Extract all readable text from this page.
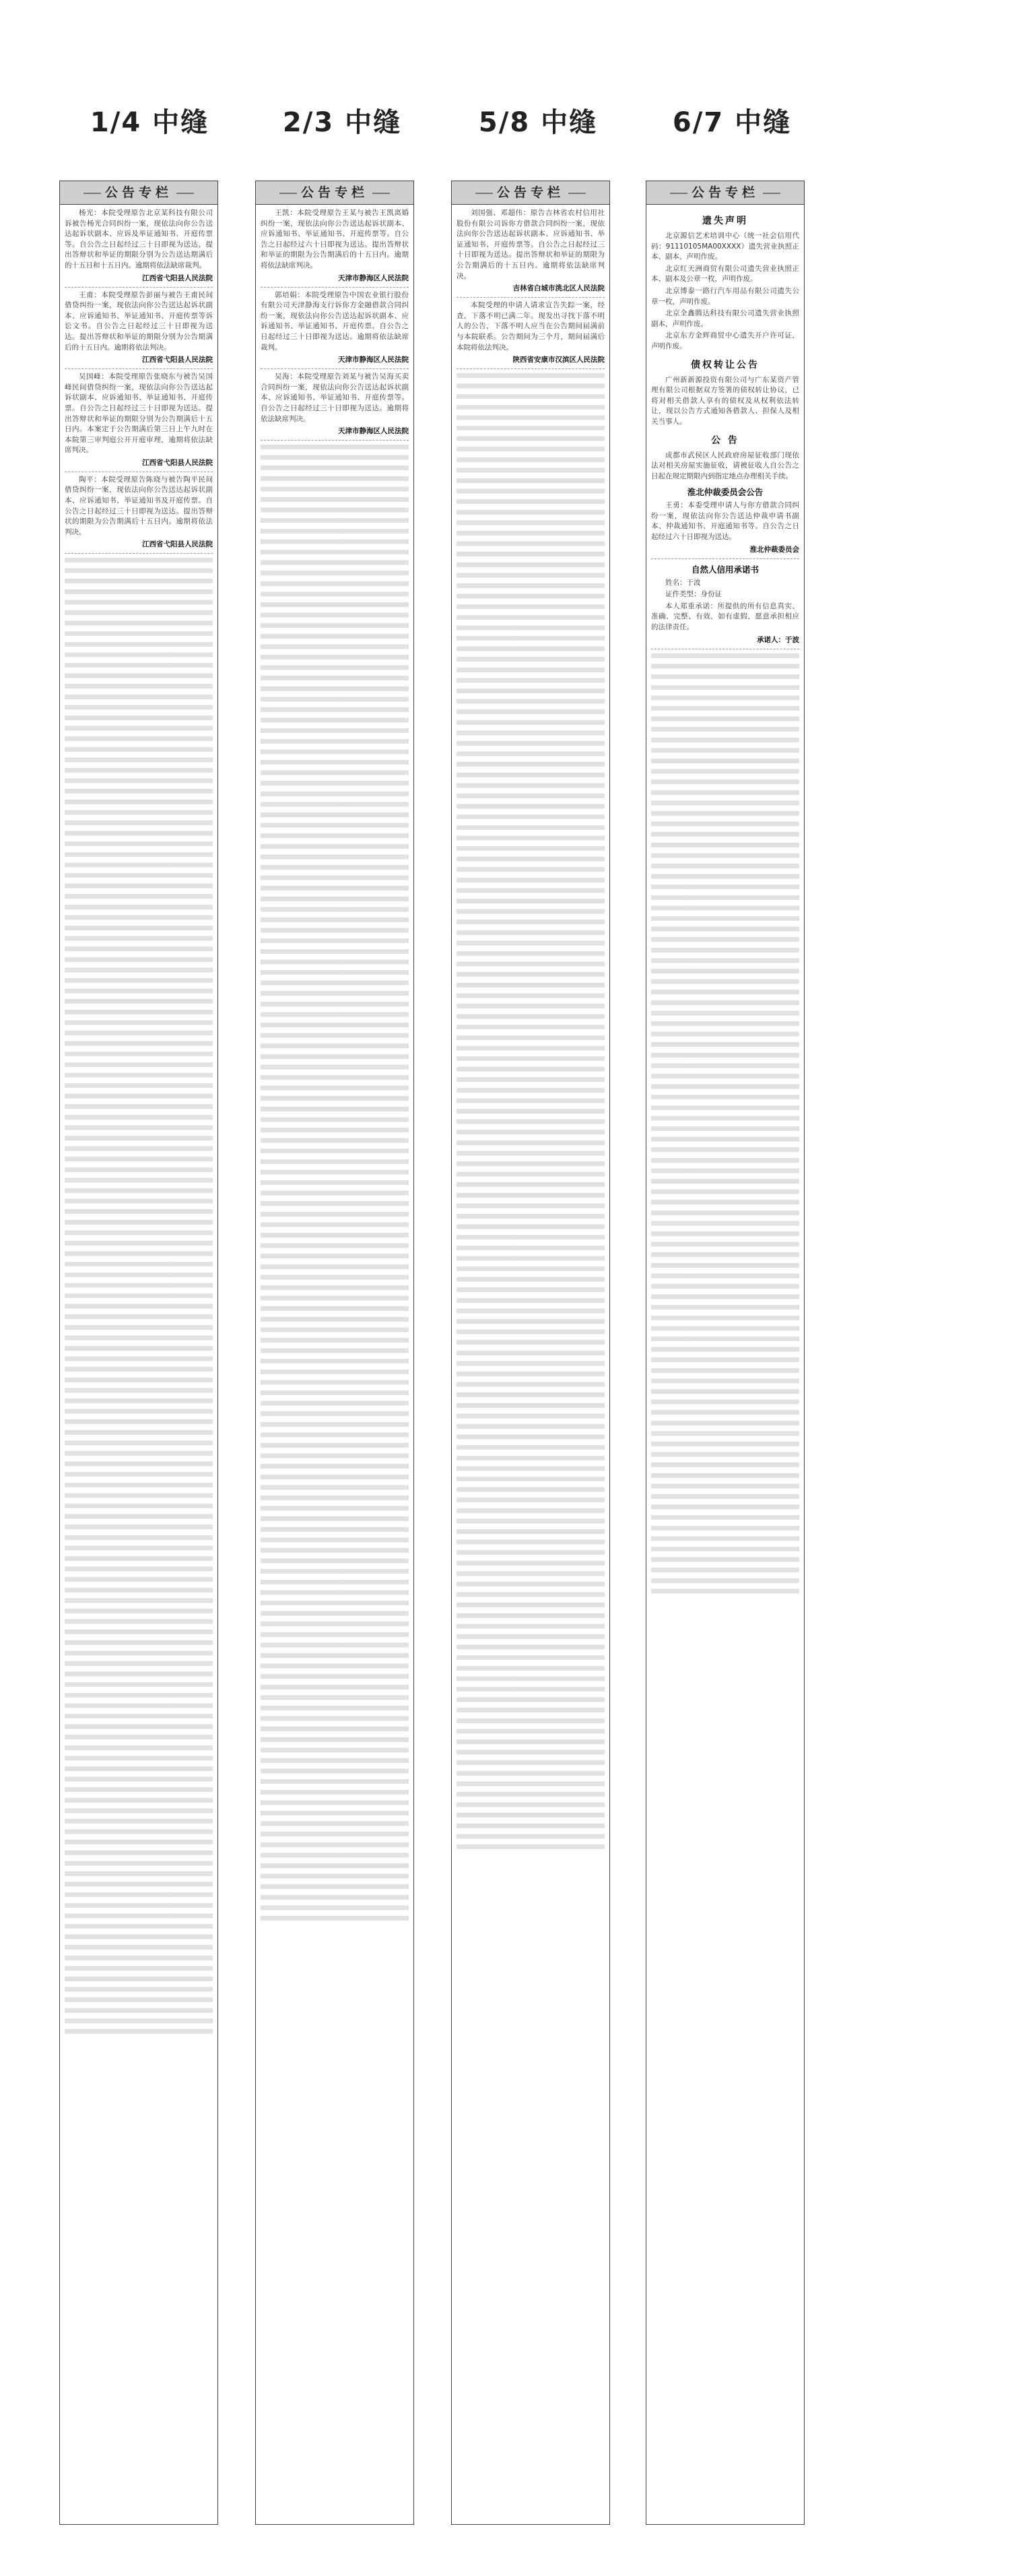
1/4 中缝	2/3 中缝	5/8 中缝	6/7 中缝
公告专栏

杨光：本院受理原告北京某科技有限公司诉被告杨光合同纠纷一案，现依法向你公告送达起诉状副本、应诉及举证通知书、开庭传票等。自公告之日起经过三十日即视为送达，提出答辩状和举证的期限分别为公告送达期满后的十五日和十五日内。逾期将依法缺席裁判。

江西省弋阳县人民法院

王甫：本院受理原告彭丽与被告王甫民间借贷纠纷一案，现依法向你公告送达起诉状副本、应诉通知书、举证通知书、开庭传票等诉讼文书。自公告之日起经过三十日即视为送达。提出答辩状和举证的期限分别为公告期满后的十五日内。逾期将依法判决。

江西省弋阳县人民法院

吴国峰：本院受理原告张晓东与被告吴国峰民间借贷纠纷一案，现依法向你公告送达起诉状副本、应诉通知书、举证通知书、开庭传票。自公告之日起经过三十日即视为送达。提出答辩状和举证的期限分别为公告期满后十五日内。本案定于公告期满后第三日上午九时在本院第三审判庭公开开庭审理，逾期将依法缺席判决。

江西省弋阳县人民法院

陶平：本院受理原告陈晓与被告陶平民间借贷纠纷一案，现依法向你公告送达起诉状副本、应诉通知书、举证通知书及开庭传票。自公告之日起经过三十日即视为送达。提出答辩状的期限为公告期满后十五日内。逾期将依法判决。

江西省弋阳县人民法院
公告专栏

王凯：本院受理原告王某与被告王凯离婚纠纷一案，现依法向你公告送达起诉状副本、应诉通知书、举证通知书、开庭传票等。自公告之日起经过六十日即视为送达。提出答辩状和举证的期限为公告期满后的十五日内。逾期将依法缺席判决。

天津市静海区人民法院

郭培娟：本院受理原告中国农业银行股份有限公司天津静海支行诉你方金融借款合同纠纷一案，现依法向你公告送达起诉状副本、应诉通知书、举证通知书、开庭传票。自公告之日起经过三十日即视为送达。逾期将依法缺席裁判。

天津市静海区人民法院

吴海：本院受理原告刘某与被告吴海买卖合同纠纷一案，现依法向你公告送达起诉状副本、应诉通知书、举证通知书、开庭传票等。自公告之日起经过三十日即视为送达。逾期将依法缺席判决。

天津市静海区人民法院
公告专栏

刘国强、邓超伟：原告吉林省农村信用社股份有限公司诉你方借款合同纠纷一案，现依法向你公告送达起诉状副本、应诉通知书、举证通知书、开庭传票等。自公告之日起经过三十日即视为送达。提出答辩状和举证的期限为公告期满后的十五日内。逾期将依法缺席判决。

吉林省白城市洮北区人民法院

本院受理的申请人请求宣告失踪一案，经查，下落不明已满二年。现发出寻找下落不明人的公告，下落不明人应当在公告期间届满前与本院联系。公告期间为三个月，期间届满后本院将依法判决。

陕西省安康市汉滨区人民法院
公告专栏
遗失声明

北京源信艺术培训中心（统一社会信用代码：91110105MA00XXXX）遗失营业执照正本、副本，声明作废。

北京红天洲商贸有限公司遗失营业执照正本、副本及公章一枚，声明作废。

北京博泰一路行汽车用品有限公司遗失公章一枚，声明作废。

北京全鑫腾达科技有限公司遗失营业执照副本，声明作废。

北京东方金辉商贸中心遗失开户许可证，声明作废。

债权转让公告

广州新新源投资有限公司与广东某资产管理有限公司根据双方签署的债权转让协议，已将对相关借款人享有的债权及从权利依法转让，现以公告方式通知各借款人、担保人及相关当事人。

公 告

成都市武侯区人民政府房屋征收部门现依法对相关房屋实施征收，请被征收人自公告之日起在规定期限内到指定地点办理相关手续。

淮北仲裁委员会公告

王勇：本委受理申请人与你方借款合同纠纷一案，现依法向你公告送达仲裁申请书副本、仲裁通知书、开庭通知书等。自公告之日起经过六十日即视为送达。

淮北仲裁委员会
自然人信用承诺书

姓名：于波

证件类型：身份证

本人郑重承诺：所提供的所有信息真实、准确、完整、有效，如有虚假，愿意承担相应的法律责任。

承诺人：于波
